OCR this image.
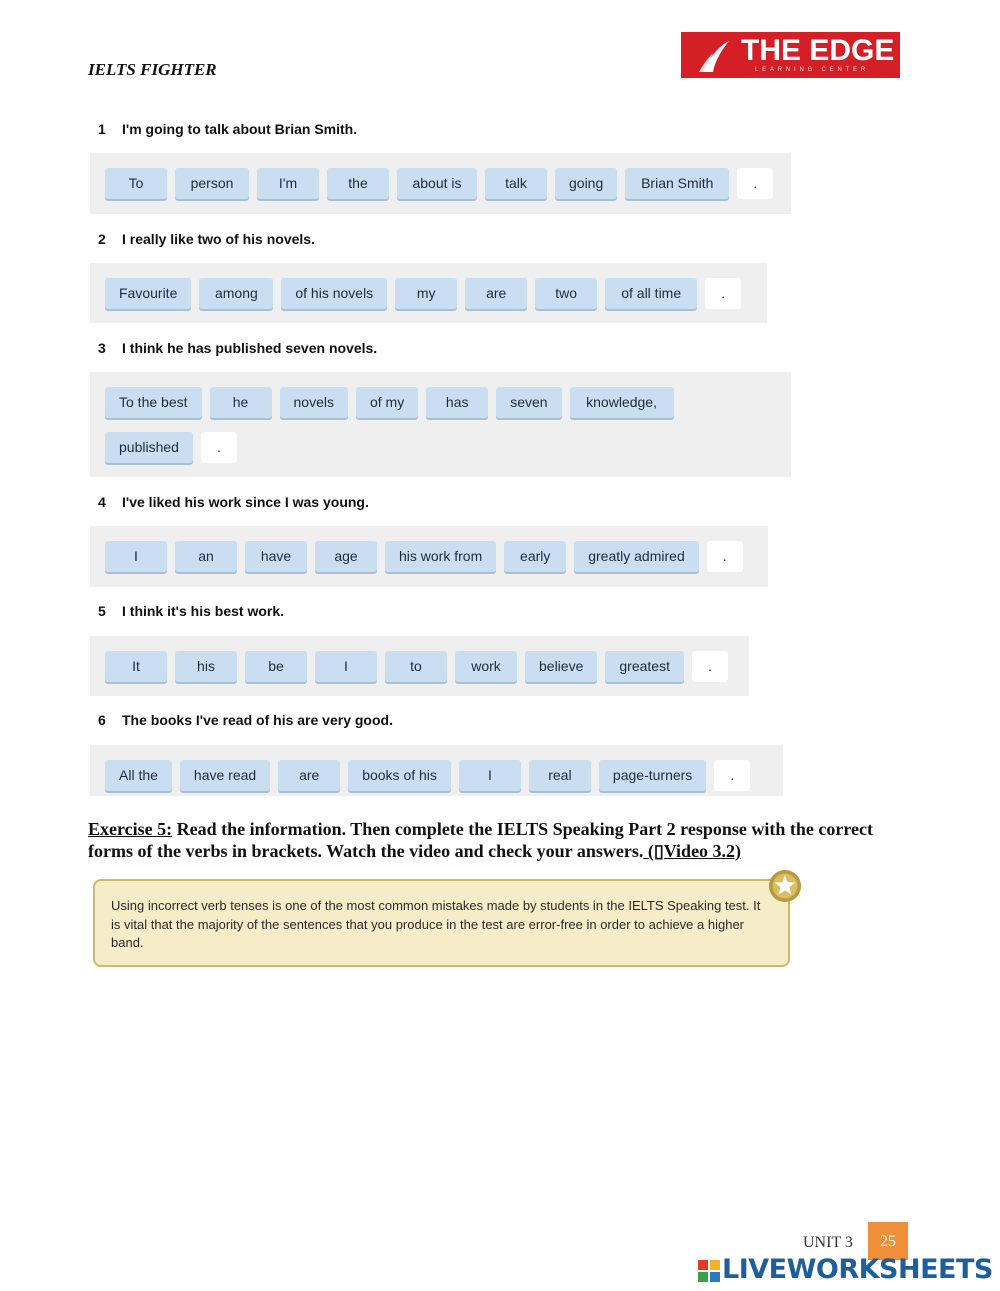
IELTS FIGHTER
THE EDGE
LEARNING CENTER
1 I'm going to talk about Brian Smith.
To	person	I'm	the	about is	talk	going	Brian Smith	.
2 I really like two of his novels.
Favourite	among	of his novels	my	are	two	of all time	.
3 I think he has published seven novels.
To the best	he	novels	of my	has	seven	knowledge,
published	.
4 I've liked his work since I was young.
I	an	have	age	his work from	early	greatly admired	.
5 I think it's his best work.
It	his	be	I	to	work	believe	greatest	.
6 The books I've read of his are very good.
All the	have read	are	books of his	I	real	page-turners	.
Exercise 5: Read the information. Then complete the IELTS Speaking Part 2 response with the correct forms of the verbs in brackets. Watch the video and check your answers. (▯Video 3.2)
Using incorrect verb tenses is one of the most common mistakes made by students in the IELTS Speaking test. It is vital that the majority of the sentences that you produce in the test are error-free in order to achieve a higher band.
UNIT 3	25
LIVEWORKSHEETS
